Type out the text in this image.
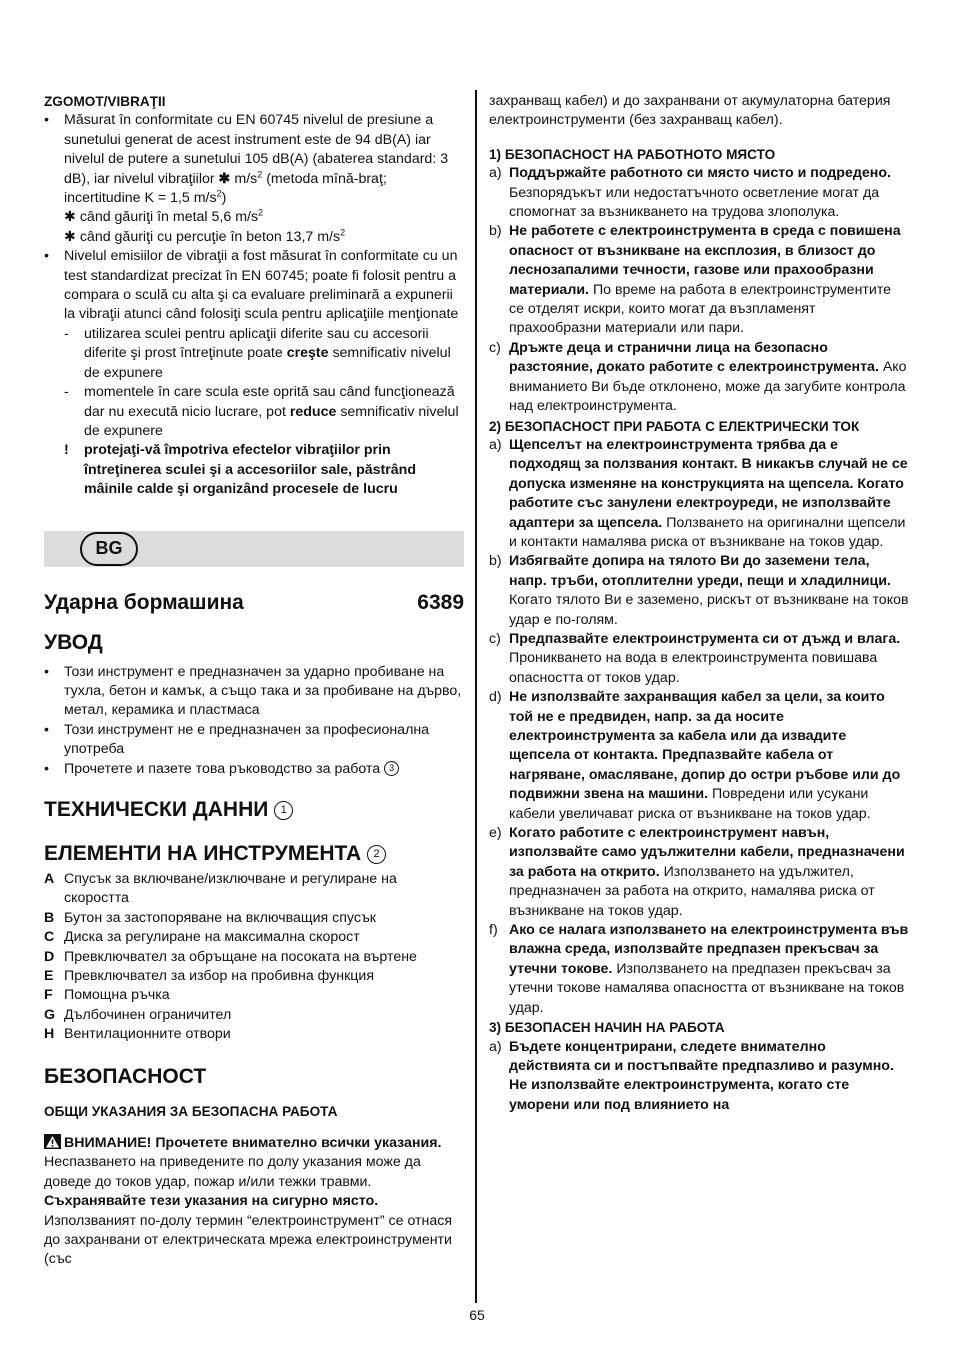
ZGOMOT/VIBRAŢII
•	Măsurat în conformitate cu EN 60745 nivelul de presiune a sunetului generat de acest instrument este de 94 dB(A) iar nivelul de putere a sunetului 105 dB(A) (abaterea standard: 3 dB), iar nivelul vibraţiilor ✱ $m/s^2$ (metoda mînă-braţ; incertitudine K = 1,5 $m/s^2$)
✱ când găuriţi în metal 5,6 $m/s^2$
✱ când găuriţi cu percuţie în beton 13,7 $m/s^2$
•	Nivelul emisiilor de vibraţii a fost măsurat în conformitate cu un test standardizat precizat în EN 60745; poate fi folosit pentru a compara o sculă cu alta şi ca evaluare preliminară a expunerii la vibraţii atunci când folosiţi scula pentru aplicaţiile menţionate
-	utilizarea sculei pentru aplicaţii diferite sau cu accesorii diferite şi prost întreţinute poate creşte semnificativ nivelul de expunere
-	momentele în care scula este oprită sau când funcţionează dar nu execută nicio lucrare, pot reduce semnificativ nivelul de expunere
!	protejaţi-vă împotriva efectelor vibraţiilor prin întreţinerea sculei şi a accesoriilor sale, păstrând mâinile calde şi organizând procesele de lucru
BG
Ударна бормашина	6389
УВОД
•	Този инструмент е предназначен за ударно пробиване на тухла, бетон и камък, а също така и за пробиване на дърво, метал, керамика и пластмаса
•	Този инструмент не е предназначен за професионална употреба
•	Прочетете и пазете това ръководство за работа 3
ТЕХНИЧЕСКИ ДАННИ 1
ЕЛЕМЕНТИ НА ИНСТРУМЕНТА 2
A Спусък за включване/изключване и регулиране на скоростта
B Бутон за застопоряване на включващия спусък
C Диска за регулиране на максимална скорост
D Превключвател за обръщане на посоката на въртене
E Превключвател за избор на пробивна функция
F Помощна ръчка
G Дълбочинен ограничител
H Вентилационните отвори
БЕЗОПАСНОСТ
ОБЩИ УКАЗАНИЯ ЗА БЕЗОПАСНА РАБОТА
ВНИМАНИЕ! Прочетете внимателно всички указания. Неспазването на приведените по долу указания може да доведе до токов удар, пожар и/или тежки травми. Съхранявайте тези указания на сигурно място. Използваният по-долу термин “електроинструмент” се отнася до захранвани от електрическата мрежа електроинструменти (със
захранващ кабел) и до захранвани от акумулаторна батерия електроинструменти (без захранващ кабел).
1) БЕЗОПАСНОСТ НА РАБОТНОТО МЯСТО
a) Поддържайте работното си място чисто и подредено. Безпорядъкът или недостатъчното осветление могат да спомогнат за възникването на трудова злополука.
b) Не работете с електроинструмента в среда с повишена опасност от възникване на експлозия, в близост до леснозапалими течности, газове или прахообразни материали. По време на работа в електроинструментите се отделят искри, които могат да възпламенят прахообразни материали или пари.
c) Дръжте деца и странични лица на безопасно разстояние, докато работите с електроинструмента. Ако вниманието Ви бъде отклонено, може да загубите контрола над електроинструмента.
2) БЕЗОПАСНОСТ ПРИ РАБОТА С ЕЛЕКТРИЧЕСКИ ТОК
a) Щепселът на електроинструмента трябва да е подходящ за ползвания контакт. В никакъв случай не се допуска изменяне на конструкцията на щепсела. Когато работите със занулени електроуреди, не използвайте адаптери за щепсела. Ползването на оригинални щепсели и контакти намалява риска от възникване на токов удар.
b) Избягвайте допира на тялото Ви до заземени тела, напр. тръби, отоплителни уреди, пещи и хладилници. Когато тялото Ви е заземено, рискът от възникване на токов удар е по-голям.
c) Предпазвайте електроинструмента си от дъжд и влага. Проникването на вода в електроинструмента повишава опасността от токов удар.
d) Не използвайте захранващия кабел за цели, за които той не е предвиден, напр. за да носите електроинструмента за кабела или да извадите щепсела от контакта. Предпазвайте кабела от нагряване, омасляване, допир до остри ръбове или до подвижни звена на машини. Повредени или усукани кабели увеличават риска от възникване на токов удар.
e) Когато работите с електроинструмент навън, използвайте само удължителни кабели, предназначени за работа на открито. Използването на удължител, предназначен за работа на открито, намалява риска от възникване на токов удар.
f) Ако се налага използването на електроинструмента във влажна среда, използвайте предпазен прекъсвач за утечни токове. Използването на предпазен прекъсвач за утечни токове намалява опасността от възникване на токов удар.
3) БЕЗОПАСЕН НАЧИН НА РАБОТА
a) Бъдете концентрирани, следете внимателно действията си и постъпвайте предпазливо и разумно. Не използвайте електроинструмента, когато сте уморени или под влиянието на
65
